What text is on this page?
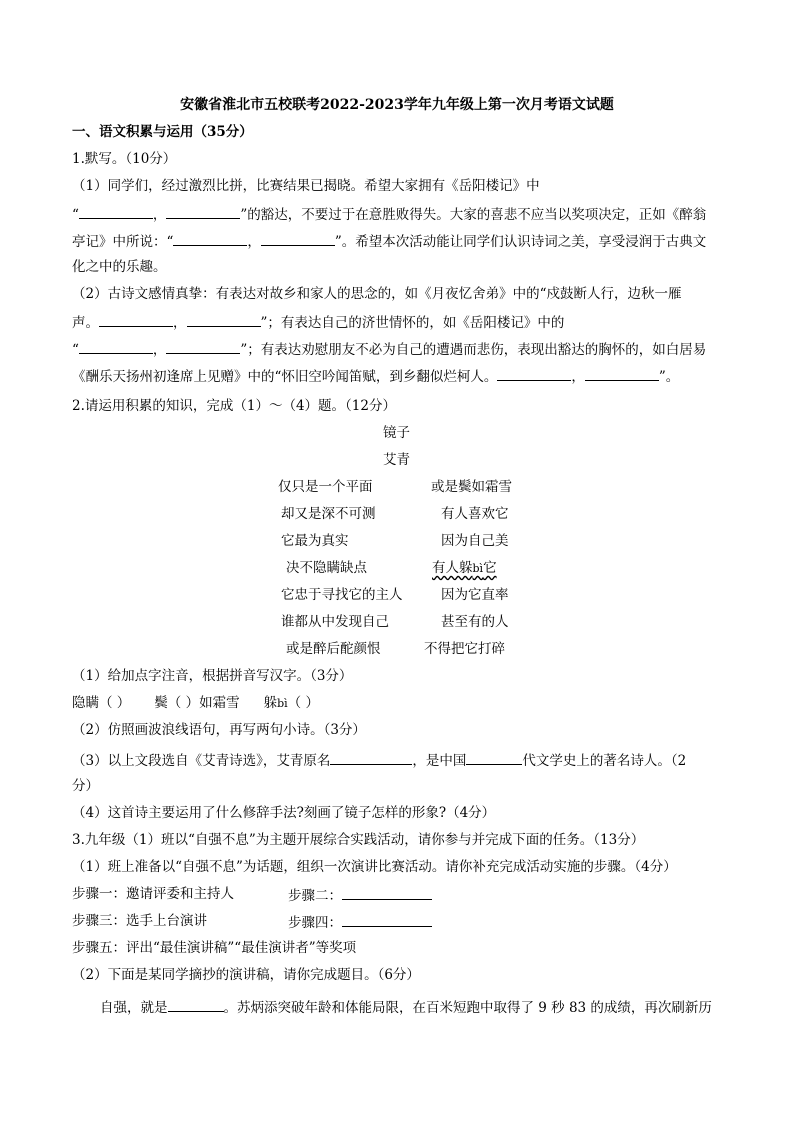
安徽省淮北市五校联考2022-2023学年九年级上第一次月考语文试题
一、语文积累与运用（35分）
1.默写。（10分）
（1）同学们，经过激烈比拼，比赛结果已揭晓。希望大家拥有《岳阳楼记》中
“	，	”的豁达，不要过于在意胜败得失。大家的喜悲不应当以奖项决定，正如《醉翁
亭记》中所说：“	，	”。希望本次活动能让同学们认识诗词之美，享受浸润于古典文
化之中的乐趣。
（2）古诗文感情真挚：有表达对故乡和家人的思念的，如《月夜忆舍弟》中的“戍鼓断人行，边秋一雁
声。	，	”；有表达自己的济世情怀的，如《岳阳楼记》中的
“	，	”；有表达劝慰朋友不必为自己的遭遇而悲伤，表现出豁达的胸怀的，如白居易
《酬乐天扬州初逢席上见赠》中的“怀旧空吟闻笛赋，到乡翻似烂柯人。	，	”。
2.请运用积累的知识，完成（1）～（4）题。（12分）
镜子
艾青
仅只是一个平面
却又是深不可测
它最为真实
决不隐瞒缺点
它忠于寻找它的主人
谁都从中发现自己
或是醉后酡颜恨
或是鬓如霜雪
有人喜欢它
因为自己美
有人躲bì它
因为它直率
甚至有的人
不得把它打碎
（1）给加点字注音，根据拼音写汉字。（3分）
隐瞒（ ） 鬓（ ）如霜雪 躲bì（ ）
（2）仿照画波浪线语句，再写两句小诗。（3分）
（3）以上文段选自《艾青诗选》，艾青原名	，是中国	代文学史上的著名诗人。（2
分）
（4）这首诗主要运用了什么修辞手法?刻画了镜子怎样的形象?（4分）
3.九年级（1）班以“自强不息”为主题开展综合实践活动，请你参与并完成下面的任务。（13分）
（1）班上准备以“自强不息”为话题，组织一次演讲比赛活动。请你补充完成活动实施的步骤。（4分）
步骤一：邀请评委和主持人	步骤二：
步骤三：选手上台演讲	步骤四：
步骤五：评出“最佳演讲稿”“最佳演讲者”等奖项
（2）下面是某同学摘抄的演讲稿，请你完成题目。（6分）
自强，就是	。苏炳添突破年龄和体能局限，在百米短跑中取得了 9 秒 83 的成绩，再次刷新历
